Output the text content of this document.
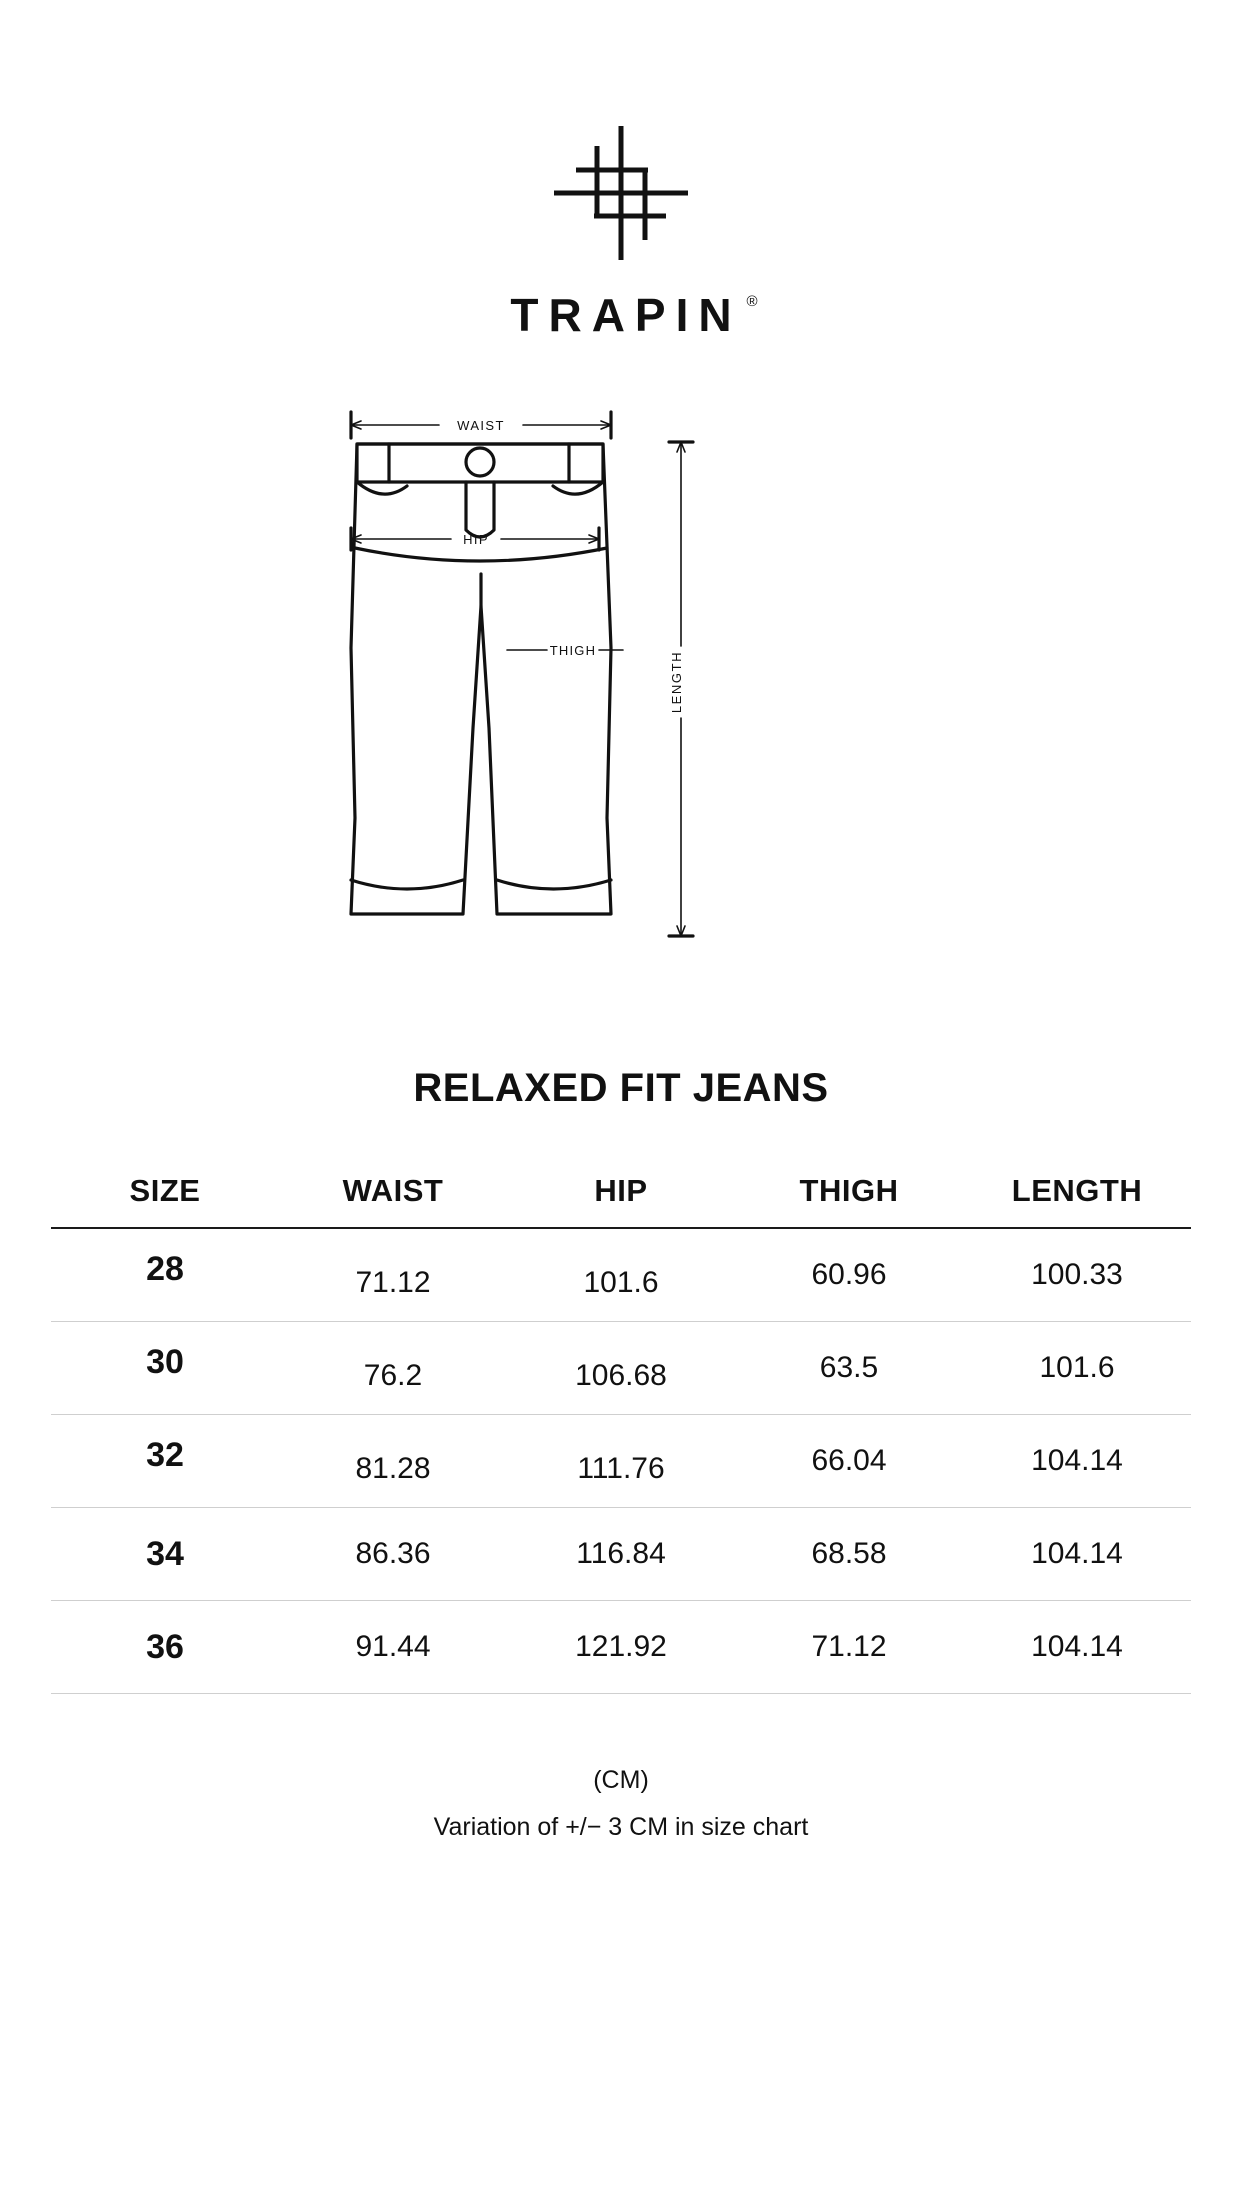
TRAPIN ®
WAIST
HIP
THIGH
LENGTH
RELAXED FIT JEANS
SIZE	WAIST	HIP	THIGH	LENGTH
28	71.12	101.6	60.96	100.33
30	76.2	106.68	63.5	101.6
32	81.28	111.76	66.04	104.14
34	86.36	116.84	68.58	104.14
36	91.44	121.92	71.12	104.14
(CM)
Variation of +/− 3 CM in size chart
